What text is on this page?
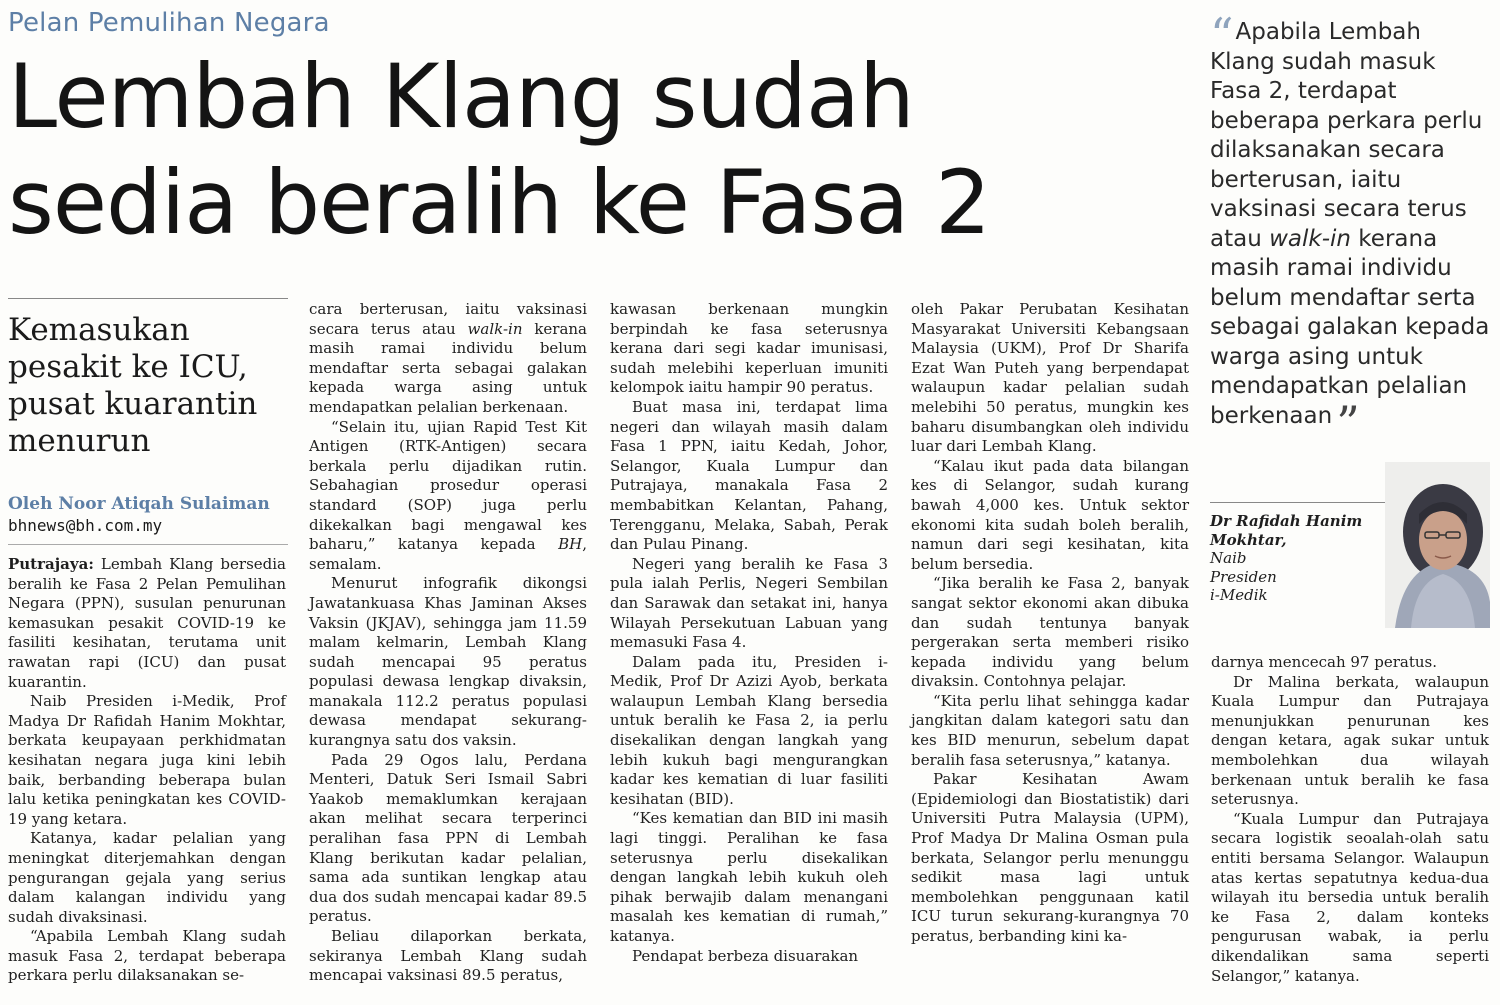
Pelan Pemulihan Negara
Lembah Klang sudah
sedia beralih ke Fasa 2
Kemasukan pesakit ke ICU, pusat kuarantin menurun
Oleh Noor Atiqah Sulaiman
bhnews@bh.com.my

Putrajaya: Lembah Klang bersedia beralih ke Fasa 2 Pelan Pemulihan Negara (PPN), susulan penurunan kemasukan pesakit COVID-19 ke fasiliti kesihatan, terutama unit rawatan rapi (ICU) dan pusat kuarantin.

Naib Presiden i-Medik, Prof Madya Dr Rafidah Hanim Mokhtar, berkata keupayaan perkhidmatan kesihatan negara juga kini lebih baik, berbanding beberapa bulan lalu ketika peningkatan kes COVID-19 yang ketara.

Katanya, kadar pelalian yang meningkat diterjemahkan dengan pengurangan gejala yang serius dalam kalangan individu yang sudah divaksinasi.

“Apabila Lembah Klang sudah masuk Fasa 2, terdapat beberapa perkara perlu dilaksanakan se-

cara berterusan, iaitu vaksinasi secara terus atau walk-in kerana masih ramai individu belum mendaftar serta sebagai galakan kepada warga asing untuk mendapatkan pelalian berkenaan.

“Selain itu, ujian Rapid Test Kit Antigen (RTK-Antigen) secara berkala perlu dijadikan rutin. Sebahagian prosedur operasi standard (SOP) juga perlu dikekalkan bagi mengawal kes baharu,” katanya kepada BH, semalam.

Menurut infografik dikongsi Jawatankuasa Khas Jaminan Akses Vaksin (JKJAV), sehingga jam 11.59 malam kelmarin, Lembah Klang sudah mencapai 95 peratus populasi dewasa lengkap divaksin, manakala 112.2 peratus populasi dewasa mendapat sekurang-kurangnya satu dos vaksin.

Pada 29 Ogos lalu, Perdana Menteri, Datuk Seri Ismail Sabri Yaakob memaklumkan kerajaan akan melihat secara terperinci peralihan fasa PPN di Lembah Klang berikutan kadar pelalian, sama ada suntikan lengkap atau dua dos sudah mencapai kadar 89.5 peratus.

Beliau dilaporkan berkata, sekiranya Lembah Klang sudah mencapai vaksinasi 89.5 peratus,

kawasan berkenaan mungkin berpindah ke fasa seterusnya kerana dari segi kadar imunisasi, sudah melebihi keperluan imuniti kelompok iaitu hampir 90 peratus.

Buat masa ini, terdapat lima negeri dan wilayah masih dalam Fasa 1 PPN, iaitu Kedah, Johor, Selangor, Kuala Lumpur dan Putrajaya, manakala Fasa 2 membabitkan Kelantan, Pahang, Terengganu, Melaka, Sabah, Perak dan Pulau Pinang.

Negeri yang beralih ke Fasa 3 pula ialah Perlis, Negeri Sembilan dan Sarawak dan setakat ini, hanya Wilayah Persekutuan Labuan yang memasuki Fasa 4.

Dalam pada itu, Presiden i-Medik, Prof Dr Azizi Ayob, berkata walaupun Lembah Klang bersedia untuk beralih ke Fasa 2, ia perlu disekalikan dengan langkah yang lebih kukuh bagi mengurangkan kadar kes kematian di luar fasiliti kesihatan (BID).

“Kes kematian dan BID ini masih lagi tinggi. Peralihan ke fasa seterusnya perlu disekalikan dengan langkah lebih kukuh oleh pihak berwajib dalam menangani masalah kes kematian di rumah,” katanya.

Pendapat berbeza disuarakan

oleh Pakar Perubatan Kesihatan Masyarakat Universiti Kebangsaan Malaysia (UKM), Prof Dr Sharifa Ezat Wan Puteh yang berpendapat walaupun kadar pelalian sudah melebihi 50 peratus, mungkin kes baharu disumbangkan oleh individu luar dari Lembah Klang.

“Kalau ikut pada data bilangan kes di Selangor, sudah kurang bawah 4,000 kes. Untuk sektor ekonomi kita sudah boleh beralih, namun dari segi kesihatan, kita belum bersedia.

“Jika beralih ke Fasa 2, banyak sangat sektor ekonomi akan dibuka dan sudah tentunya banyak pergerakan serta memberi risiko kepada individu yang belum divaksin. Contohnya pelajar.

“Kita perlu lihat sehingga kadar jangkitan dalam kategori satu dan kes BID menurun, sebelum dapat beralih fasa seterusnya,” katanya.

Pakar Kesihatan Awam (Epidemiologi dan Biostatistik) dari Universiti Putra Malaysia (UPM), Prof Madya Dr Malina Osman pula berkata, Selangor perlu menunggu sedikit masa lagi untuk membolehkan penggunaan katil ICU turun sekurang-kurangnya 70 peratus, berbanding kini ka-

“Apabila Lembah Klang sudah masuk Fasa 2, terdapat beberapa perkara perlu dilaksanakan secara berterusan, iaitu vaksinasi secara terus atau walk-in kerana masih ramai individu belum mendaftar serta sebagai galakan kepada warga asing untuk mendapatkan pelalian berkenaan”
Dr Rafidah Hanim Mokhtar,
Naib
Presiden
i-Medik

darnya mencecah 97 peratus.

Dr Malina berkata, walaupun Kuala Lumpur dan Putrajaya menunjukkan penurunan kes dengan ketara, agak sukar untuk membolehkan dua wilayah berkenaan untuk beralih ke fasa seterusnya.

“Kuala Lumpur dan Putrajaya secara logistik seoalah-olah satu entiti bersama Selangor. Walaupun atas kertas sepatutnya kedua-dua wilayah itu bersedia untuk beralih ke Fasa 2, dalam konteks pengurusan wabak, ia perlu dikendalikan sama seperti Selangor,” katanya.
